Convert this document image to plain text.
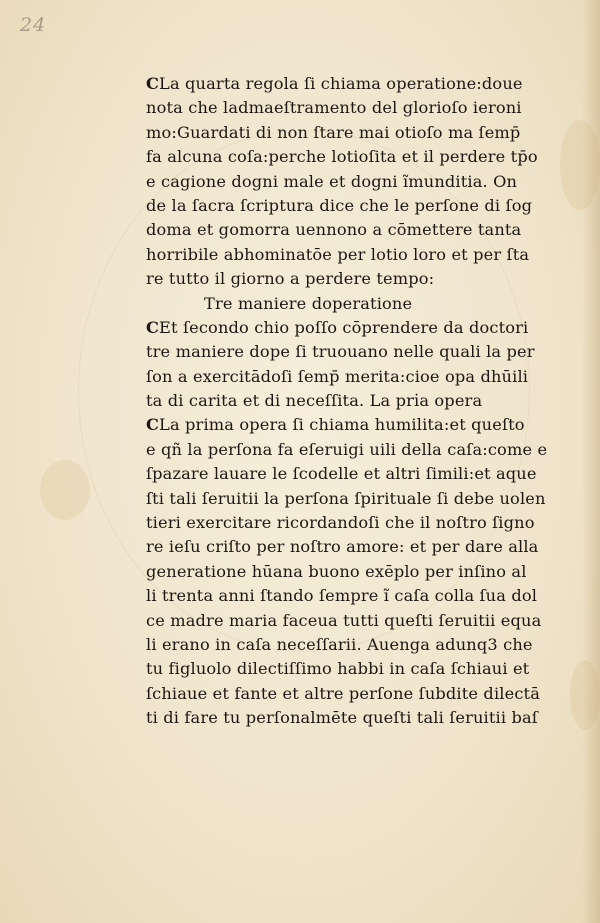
24
CLa quarta regola ſi chiama operatione:doue
nota che ladmaeſtramento del glorioſo ieroni
mo:Guardati di non ſtare mai otioſo ma ſemp̄
fa alcuna coſa:perche lotioſita et il perdere tp̄o
e cagione dogni male et dogni ĩmunditia. On
de la ſacra ſcriptura dice che le perſone di ſog
doma et gomorra uennono a cōmettere tanta
horribile abhominatōe per lotio loro et per ſta
re tutto il giorno a perdere tempo:
Tre maniere doperatione
CEt ſecondo chio poſſo cōprendere da doctori
tre maniere dope ſi truouano nelle quali la per
ſon a exercitādoſi ſemp̄ merita:cioe opa dhūili
ta di carita et di neceſſita. La pri̇a opera
CLa prima opera ſi chiama humilita:et queſto
e qñ la perſona fa eſeruigi uili della caſa:come e
ſpazare lauare le ſcodelle et altri ſimili:et aque
ſti tali ſeruitii la perſona ſpirituale ſi debe uolen
tieri exercitare ricordandoſi che il noſtro ſigno
re ieſu criſto per noſtro amore: et per dare alla
generatione hūana buono exēplo per inſino al
li trenta anni ſtando ſempre ĩ caſa colla ſua dol
ce madre maria faceua tutti queſti ſeruitii equa
li erano in caſa neceſſarii. Auenga adunq3 che
tu figluolo dilectiſſimo habbi in caſa ſchiaui et
ſchiaue et fante et altre perſone ſubdite dilectā
ti di fare tu perſonalmēte queſti tali ſeruitii baſ
